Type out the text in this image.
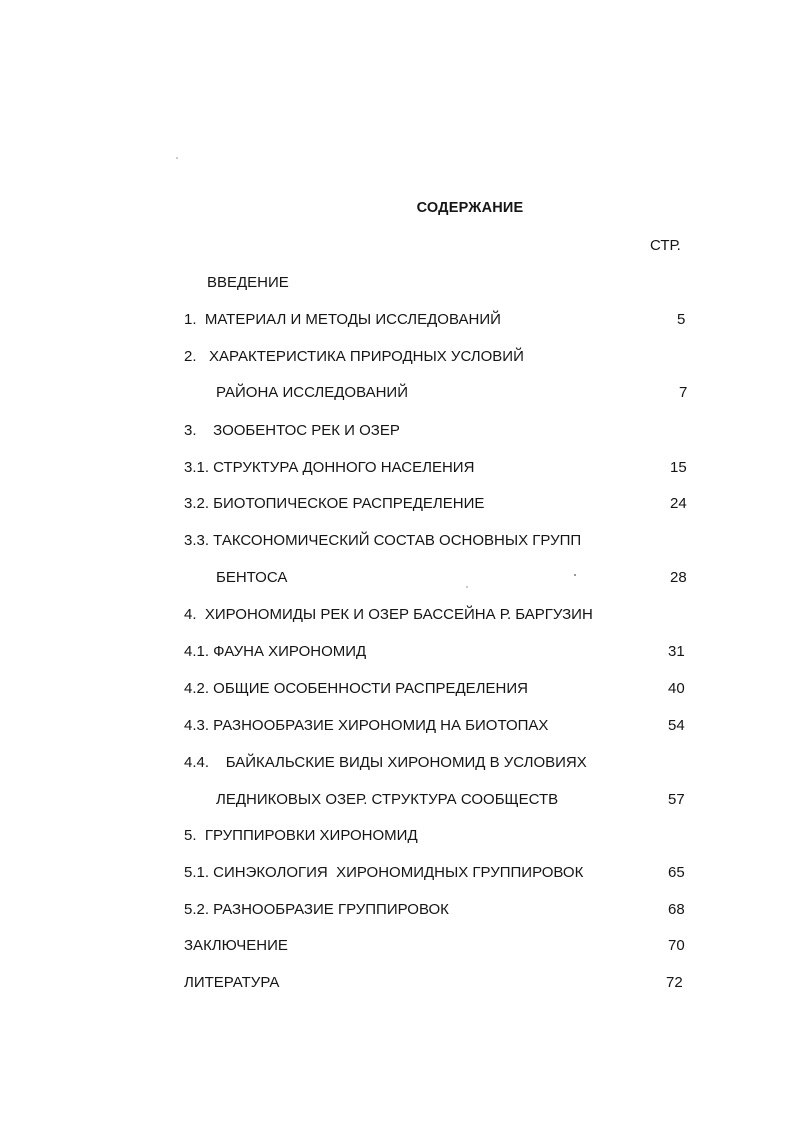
СОДЕРЖАНИЕ
СТР.
ВВЕДЕНИЕ
1.  МАТЕРИАЛ И МЕТОДЫ ИССЛЕДОВАНИЙ	5
2.   ХАРАКТЕРИСТИКА ПРИРОДНЫХ УСЛОВИЙ
РАЙОНА ИССЛЕДОВАНИЙ	7
3.    ЗООБЕНТОС РЕК И ОЗЕР
3.1. СТРУКТУРА ДОННОГО НАСЕЛЕНИЯ	15
3.2. БИОТОПИЧЕСКОЕ РАСПРЕДЕЛЕНИЕ	24
3.3. ТАКСОНОМИЧЕСКИЙ СОСТАВ ОСНОВНЫХ ГРУПП
БЕНТОСА	28
4.  ХИРОНОМИДЫ РЕК И ОЗЕР БАССЕЙНА Р. БАРГУЗИН
4.1. ФАУНА ХИРОНОМИД	31
4.2. ОБЩИЕ ОСОБЕННОСТИ РАСПРЕДЕЛЕНИЯ	40
4.3. РАЗНООБРАЗИЕ ХИРОНОМИД НА БИОТОПАХ	54
4.4.    БАЙКАЛЬСКИЕ ВИДЫ ХИРОНОМИД В УСЛОВИЯХ
ЛЕДНИКОВЫХ ОЗЕР. СТРУКТУРА СООБЩЕСТВ	57
5.  ГРУППИРОВКИ ХИРОНОМИД
5.1. СИНЭКОЛОГИЯ  ХИРОНОМИДНЫХ ГРУППИРОВОК	65
5.2. РАЗНООБРАЗИЕ ГРУППИРОВОК	68
ЗАКЛЮЧЕНИЕ	70
ЛИТЕРАТУРА	72
